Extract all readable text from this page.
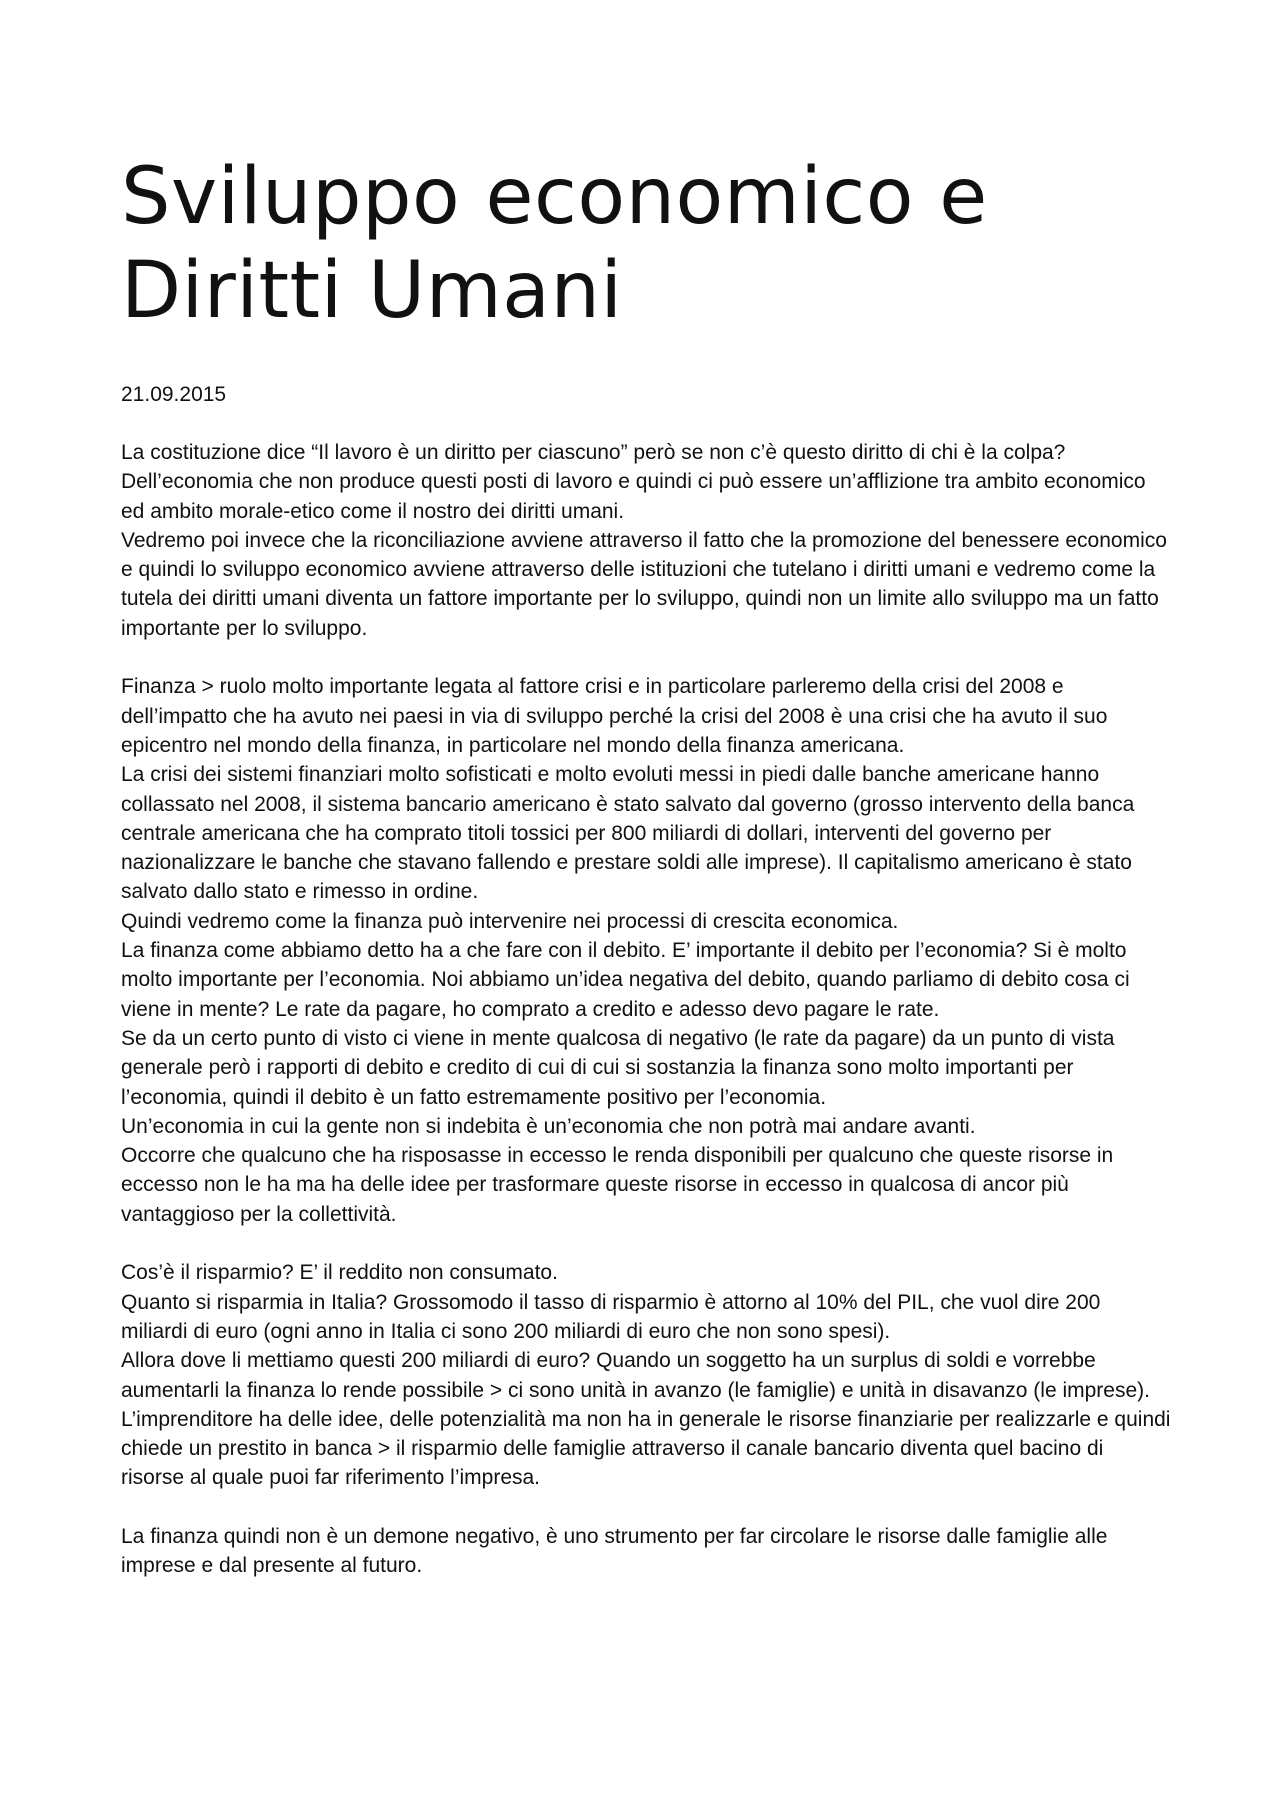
Sviluppo economico e
Diritti Umani

21.09.2015

La costituzione dice “Il lavoro è un diritto per ciascuno” però se non c’è questo diritto di chi è la colpa? Dell’economia che non produce questi posti di lavoro e quindi ci può essere un’afflizione tra ambito economico ed ambito morale-etico come il nostro dei diritti umani.

Vedremo poi invece che la riconciliazione avviene attraverso il fatto che la promozione del benessere economico e quindi lo sviluppo economico avviene attraverso delle istituzioni che tutelano i diritti umani e vedremo come la tutela dei diritti umani diventa un fattore importante per lo sviluppo, quindi non un limite allo sviluppo ma un fatto importante per lo sviluppo.

Finanza > ruolo molto importante legata al fattore crisi e in particolare parleremo della crisi del 2008 e dell’impatto che ha avuto nei paesi in via di sviluppo perché la crisi del 2008 è una crisi che ha avuto il suo epicentro nel mondo della finanza, in particolare nel mondo della finanza americana.

La crisi dei sistemi finanziari molto sofisticati e molto evoluti messi in piedi dalle banche americane hanno collassato nel 2008, il sistema bancario americano è stato salvato dal governo (grosso intervento della banca centrale americana che ha comprato titoli tossici per 800 miliardi di dollari, interventi del governo per nazionalizzare le banche che stavano fallendo e prestare soldi alle imprese). Il capitalismo americano è stato salvato dallo stato e rimesso in ordine.

Quindi vedremo come la finanza può intervenire nei processi di crescita economica.

La finanza come abbiamo detto ha a che fare con il debito. E’ importante il debito per l’economia? Si è molto molto importante per l’economia. Noi abbiamo un’idea negativa del debito, quando parliamo di debito cosa ci viene in mente? Le rate da pagare, ho comprato a credito e adesso devo pagare le rate.

Se da un certo punto di visto ci viene in mente qualcosa di negativo (le rate da pagare) da un punto di vista generale però i rapporti di debito e credito di cui di cui si sostanzia la finanza sono molto importanti per l’economia, quindi il debito è un fatto estremamente positivo per l’economia.

Un’economia in cui la gente non si indebita è un’economia che non potrà mai andare avanti.

Occorre che qualcuno che ha risposasse in eccesso le renda disponibili per qualcuno che queste risorse in eccesso non le ha ma ha delle idee per trasformare queste risorse in eccesso in qualcosa di ancor più vantaggioso per la collettività.

Cos’è il risparmio? E’ il reddito non consumato.

Quanto si risparmia in Italia? Grossomodo il tasso di risparmio è attorno al 10% del PIL, che vuol dire 200 miliardi di euro (ogni anno in Italia ci sono 200 miliardi di euro che non sono spesi).

Allora dove li mettiamo questi 200 miliardi di euro? Quando un soggetto ha un surplus di soldi e vorrebbe aumentarli la finanza lo rende possibile > ci sono unità in avanzo (le famiglie) e unità in disavanzo (le imprese).

L’imprenditore ha delle idee, delle potenzialità ma non ha in generale le risorse finanziarie per realizzarle e quindi chiede un prestito in banca > il risparmio delle famiglie attraverso il canale bancario diventa quel bacino di risorse al quale puoi far riferimento l’impresa.

La finanza quindi non è un demone negativo, è uno strumento per far circolare le risorse dalle famiglie alle imprese e dal presente al futuro.
